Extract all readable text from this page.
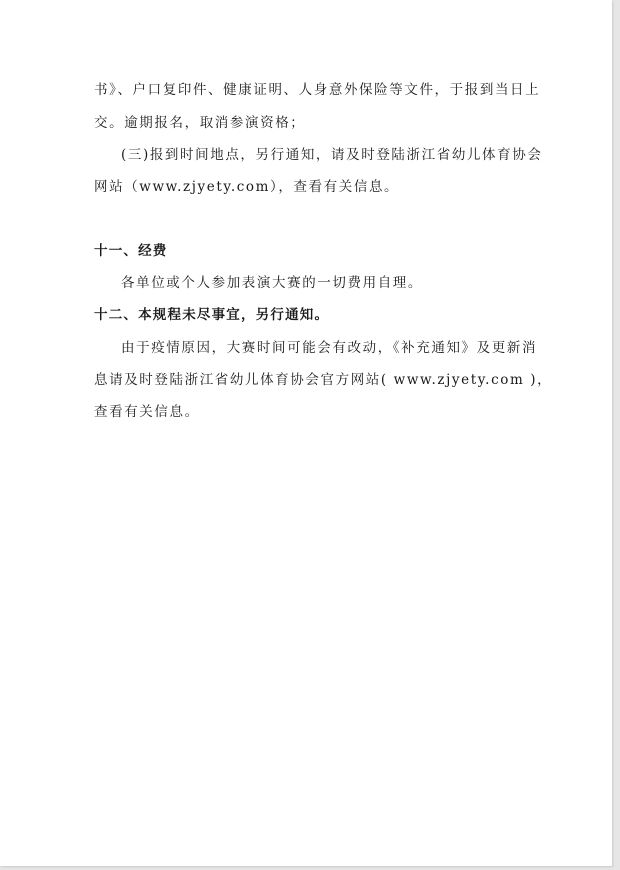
书》、户口复印件、健康证明、人身意外保险等文件，于报到当日上
交。逾期报名，取消参演资格；
(三)报到时间地点，另行通知，请及时登陆浙江省幼儿体育协会
网站（www.zjyety.com），查看有关信息。
十一、经费
各单位或个人参加表演大赛的一切费用自理。
十二、本规程未尽事宜，另行通知。
由于疫情原因，大赛时间可能会有改动，《补充通知》及更新消
息请及时登陆浙江省幼儿体育协会官方网站( www.zjyety.com )，
查看有关信息。
